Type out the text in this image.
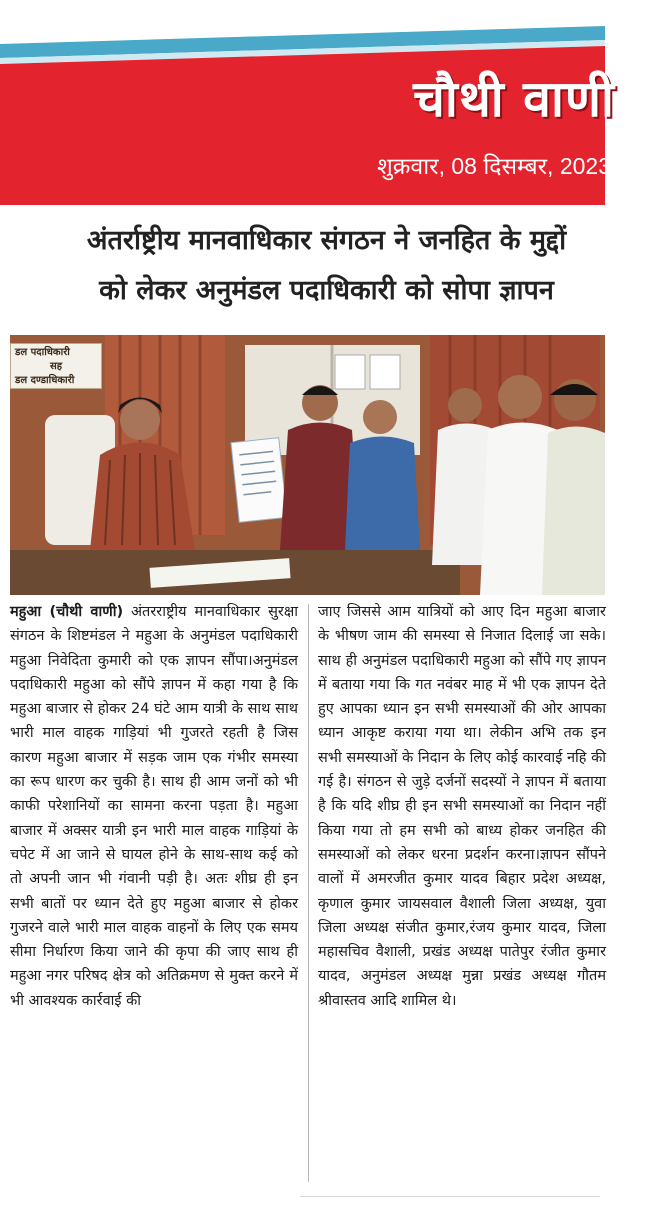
चौथी वाणी
शुक्रवार, 08 दिसम्बर, 2023
अंतर्राष्ट्रीय मानवाधिकार संगठन ने जनहित के मुद्दों
को लेकर अनुमंडल पदाधिकारी को सोपा ज्ञापन
डल पदाधिकारी
सह
डल दण्डाधिकारी
महुआ (चौथी वाणी) अंतरराष्ट्रीय मानवाधिकार सुरक्षा संगठन के शिष्टमंडल ने महुआ के अनुमंडल पदाधिकारी महुआ निवेदिता कुमारी को एक ज्ञापन सौंपा।अनुमंडल पदाधिकारी महुआ को सौंपे ज्ञापन में कहा गया है कि महुआ बाजार से होकर 24 घंटे आम यात्री के साथ साथ भारी माल वाहक गाड़ियां भी गुजरते रहती है जिस कारण महुआ बाजार में सड़क जाम एक गंभीर समस्या का रूप धारण कर चुकी है। साथ ही आम जनों को भी काफी परेशानियों का सामना करना पड़ता है। महुआ बाजार में अक्सर यात्री इन भारी माल वाहक गाड़ियां के चपेट में आ जाने से घायल होने के साथ-साथ कई को तो अपनी जान भी गंवानी पड़ी है। अतः शीघ्र ही इन सभी बातों पर ध्यान देते हुए महुआ बाजार से होकर गुजरने वाले भारी माल वाहक वाहनों के लिए एक समय सीमा निर्धारण किया जाने की कृपा की जाए साथ ही महुआ नगर परिषद क्षेत्र को अतिक्रमण से मुक्त करने में भी आवश्यक कार्रवाई की
जाए जिससे आम यात्रियों को आए दिन महुआ बाजार के भीषण जाम की समस्या से निजात दिलाई जा सके। साथ ही अनुमंडल पदाधिकारी महुआ को सौंपे गए ज्ञापन में बताया गया कि गत नवंबर माह में भी एक ज्ञापन देते हुए आपका ध्यान इन सभी समस्याओं की ओर आपका ध्यान आकृष्ट कराया गया था। लेकीन अभि तक इन सभी समस्याओं के निदान के लिए कोई कारवाई नहि की गई है। संगठन से जुड़े दर्जनों सदस्यों ने ज्ञापन में बताया है कि यदि शीघ्र ही इन सभी समस्याओं का निदान नहीं किया गया तो हम सभी को बाध्य होकर जनहित की समस्याओं को लेकर धरना प्रदर्शन करना।ज्ञापन सौंपने वालों में अमरजीत कुमार यादव बिहार प्रदेश अध्यक्ष, कृणाल कुमार जायसवाल वैशाली जिला अध्यक्ष, युवा जिला अध्यक्ष संजीत कुमार,रंजय कुमार यादव, जिला महासचिव वैशाली, प्रखंड अध्यक्ष पातेपुर रंजीत कुमार यादव, अनुमंडल अध्यक्ष मुन्ना प्रखंड अध्यक्ष गौतम श्रीवास्तव आदि शामिल थे।
